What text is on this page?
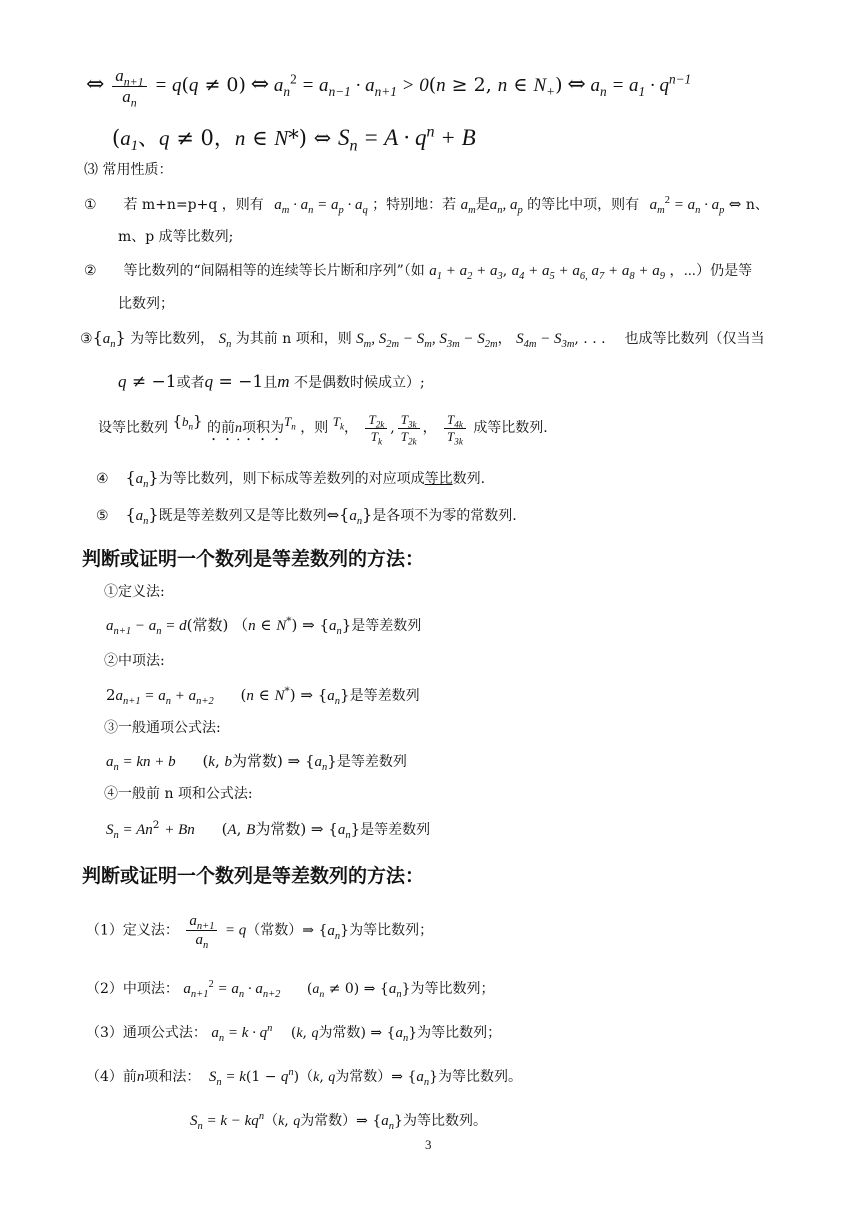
⇔ $\frac{a_{n+1}}{a_n} = q(q \ne 0)$ ⇔ $a_n^2 = a_{n-1} \cdot a_{n+1} > 0(n \ge 2$, n ∈ $N_+$) ⇔ $a_n = a_1 \cdot q^{n-1}$
($a_1$、q ≠ 0，n ∈ N*) ⇔ $S_n = A \cdot q^n + B$
⑶ 常用性质：
① 若 m+n=p+q ，则有 $a_m \cdot a_n = a_p \cdot a_q$ ；特别地：若 $a_m$是$a_n$, $a_p$ 的等比中项，则有 $a_m^2 = a_n \cdot a_p$ ⇔ n、
m、p 成等比数列;
② 等比数列的“间隔相等的连续等长片断和序列”（如 $a_1 + a_2 + a_3$, $a_4 + a_5 + a_{6,}$ $a_7 + a_8 + a_9$ ，⋯）仍是等
比数列；
$③\{a_n\}$ 为等比数列， $S_n$ 为其前 n 项和，则 $S_m$, $S_{2m} - S_m$, $S_{3m} - S_{2m}$， $S_{4m} - S_{3m}$, . . .  也成等比数列（仅当当
q ≠ −1或者q = −1且m 不是偶数时候成立）;
设等比数列 $\{b_n\}$ 的前n项积为$T_n$ ，则 $T_k$， $\frac{T_{2k}}{T_k}$ , $\frac{T_{3k}}{T_{2k}}$ ， $\frac{T_{4k}}{T_{3k}}$ 成等比数列.
④ $\{a_n\}$为等比数列，则下标成等差数列的对应项成等比数列.
⑤ $\{a_n\}$既是等差数列又是等比数列$\Leftrightarrow\{a_n\}$是各项不为零的常数列.
判断或证明一个数列是等差数列的方法：
①定义法:
$a_{n+1} - a_n = d$(常数) （n ∈ N*) ⇒ $\{a_n\}$是等差数列
②中项法:
$2a_{n+1} = a_n + a_{n+2}$ (n ∈ N*) ⇒ $\{a_n\}$是等差数列
③一般通项公式法:
$a_n$ = kn + b (k, b为常数) ⇒ $\{a_n\}$是等差数列
④一般前 n 项和公式法:
$S_n = An^2 + Bn$ (A, B为常数) ⇒ $\{a_n\}$是等差数列
判断或证明一个数列是等差数列的方法：
（1）定义法： $\frac{a_{n+1}}{a_n} = q$（常数）⇒ $\{a_n\}$为等比数列；
（2）中项法： $a_{n+1}^2 = a_n \cdot a_{n+2}$ $(a_n \ne 0)$ ⇒ $\{a_n\}$为等比数列；
（3）通项公式法： $a_n = k \cdot q^n$ (k, q为常数) ⇒ $\{a_n\}$为等比数列；
（4）前n项和法： $S_n = k(1 - q^n)(k$, q为常数）⇒ $\{a_n\}$为等比数列。
$S_n = k - kq^n(k$, q为常数）⇒ $\{a_n\}$为等比数列。
3
